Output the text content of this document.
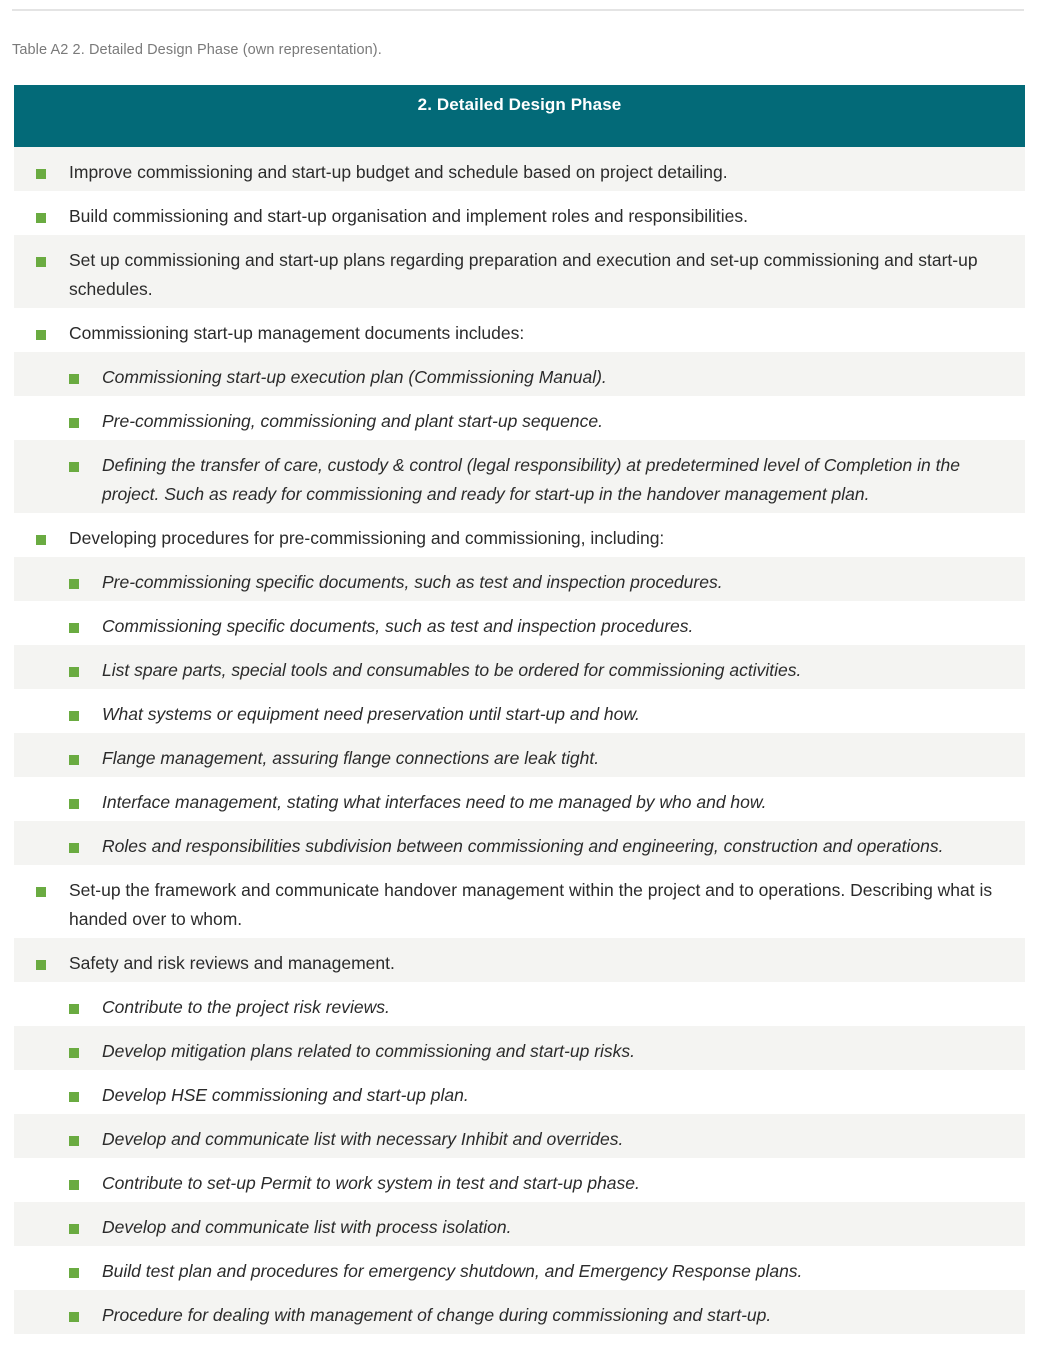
Table A2 2. Detailed Design Phase (own representation).
2. Detailed Design Phase
Improve commissioning and start-up budget and schedule based on project detailing.
Build commissioning and start-up organisation and implement roles and responsibilities.
Set up commissioning and start-up plans regarding preparation and execution and set-up commissioning and start-up schedules.
Commissioning start-up management documents includes:
Commissioning start-up execution plan (Commissioning Manual).
Pre-commissioning, commissioning and plant start-up sequence.
Defining the transfer of care, custody & control (legal responsibility) at predetermined level of Completion in the project. Such as ready for commissioning and ready for start-up in the handover management plan.
Developing procedures for pre-commissioning and commissioning, including:
Pre-commissioning specific documents, such as test and inspection procedures.
Commissioning specific documents, such as test and inspection procedures.
List spare parts, special tools and consumables to be ordered for commissioning activities.
What systems or equipment need preservation until start-up and how.
Flange management, assuring flange connections are leak tight.
Interface management, stating what interfaces need to me managed by who and how.
Roles and responsibilities subdivision between commissioning and engineering, construction and operations.
Set-up the framework and communicate handover management within the project and to operations. Describing what is handed over to whom.
Safety and risk reviews and management.
Contribute to the project risk reviews.
Develop mitigation plans related to commissioning and start-up risks.
Develop HSE commissioning and start-up plan.
Develop and communicate list with necessary Inhibit and overrides.
Contribute to set-up Permit to work system in test and start-up phase.
Develop and communicate list with process isolation.
Build test plan and procedures for emergency shutdown, and Emergency Response plans.
Procedure for dealing with management of change during commissioning and start-up.
